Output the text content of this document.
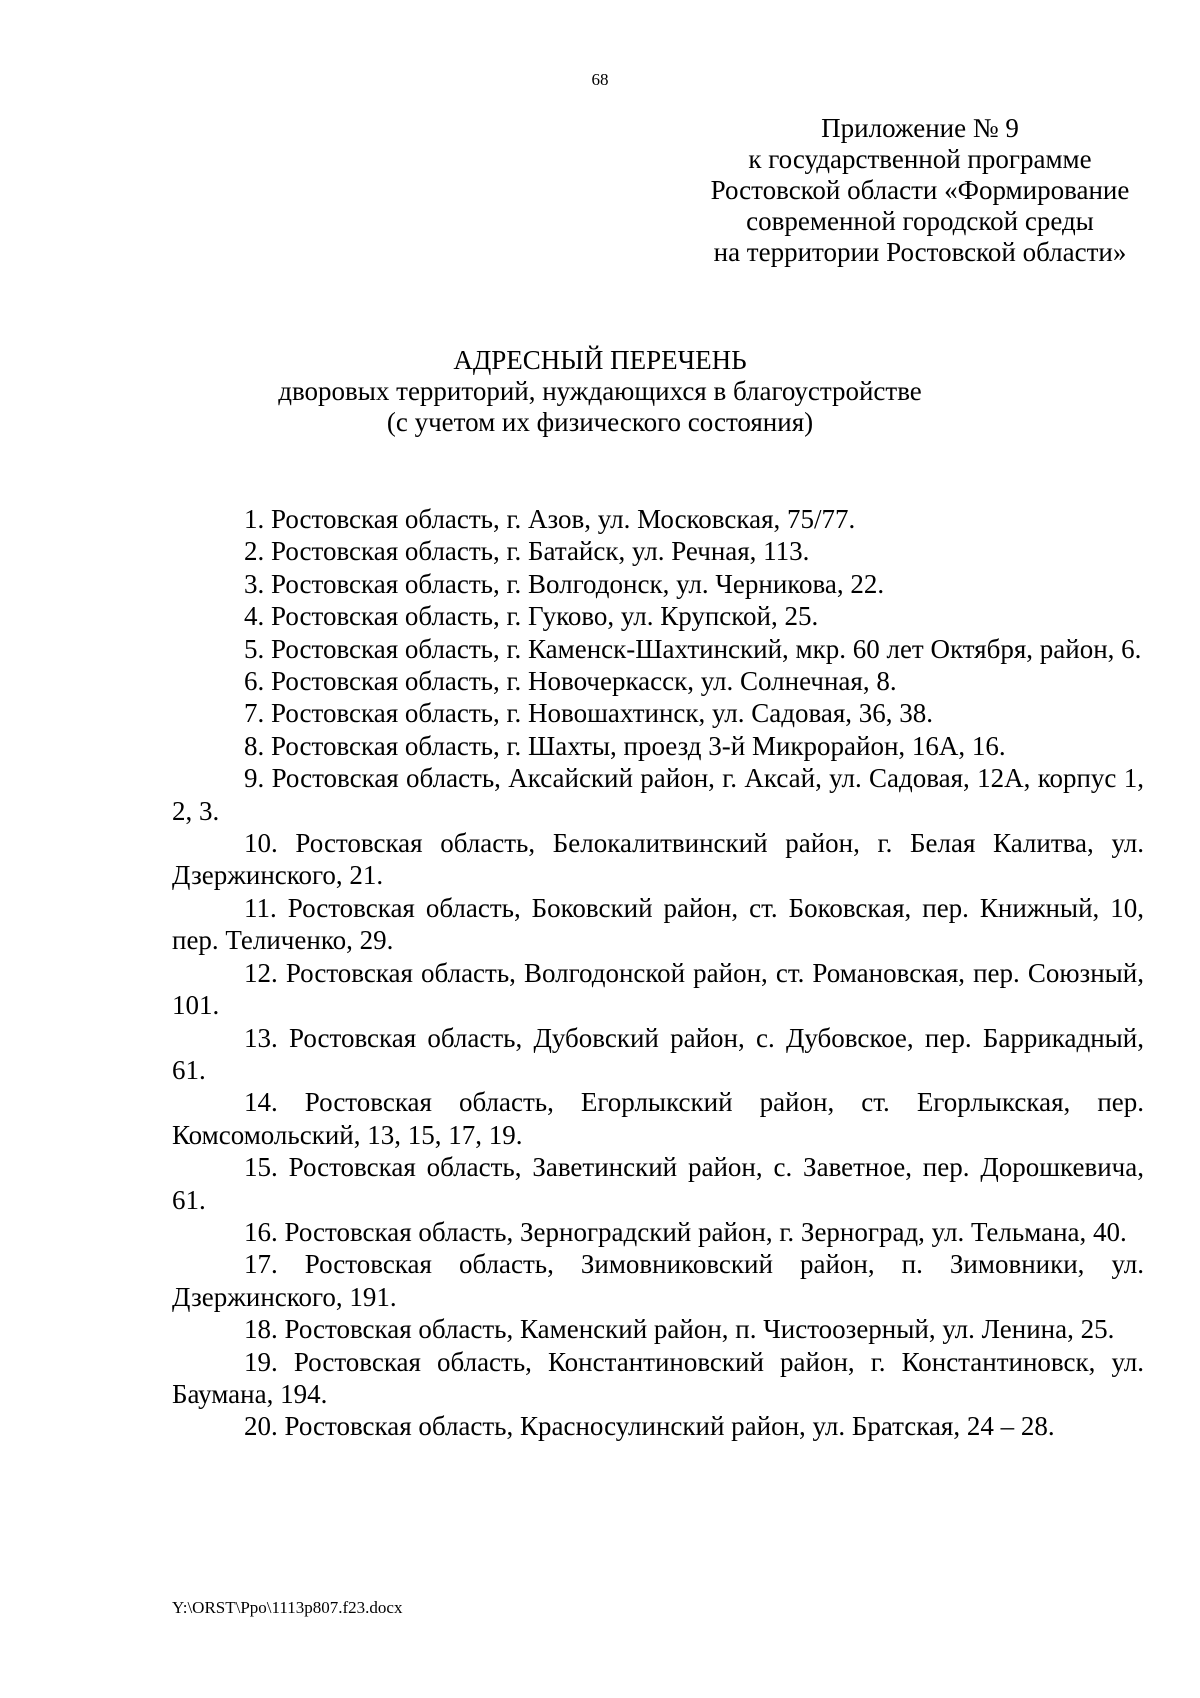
68
Приложение № 9
к государственной программе
Ростовской области «Формирование
современной городской среды
на территории Ростовской области»
АДРЕСНЫЙ ПЕРЕЧЕНЬ
дворовых территорий, нуждающихся в благоустройстве
(с учетом их физического состояния)

1. Ростовская область, г. Азов, ул. Московская, 75/77.

2. Ростовская область, г. Батайск, ул. Речная, 113.

3. Ростовская область, г. Волгодонск, ул. Черникова, 22.

4. Ростовская область, г. Гуково, ул. Крупской, 25.

5. Ростовская область, г. Каменск-Шахтинский, мкр. 60 лет Октября, район, 6.

6. Ростовская область, г. Новочеркасск, ул. Солнечная, 8.

7. Ростовская область, г. Новошахтинск, ул. Садовая, 36, 38.

8. Ростовская область, г. Шахты, проезд 3-й Микрорайон, 16А, 16.

9. Ростовская область, Аксайский район, г. Аксай, ул. Садовая, 12А, корпус 1, 2, 3.

10. Ростовская область, Белокалитвинский район, г. Белая Калитва, ул. Дзержинского, 21.

11. Ростовская область, Боковский район, ст. Боковская, пер. Книжный, 10, пер. Теличенко, 29.

12. Ростовская область, Волгодонской район, ст. Романовская, пер. Союзный, 101.

13. Ростовская область, Дубовский район, с. Дубовское, пер. Баррикадный, 61.

14. Ростовская область, Егорлыкский район, ст. Егорлыкская, пер. Комсомольский, 13, 15, 17, 19.

15. Ростовская область, Заветинский район, с. Заветное, пер. Дорошкевича, 61.

16. Ростовская область, Зерноградский район, г. Зерноград, ул. Тельмана, 40.

17. Ростовская область, Зимовниковский район, п. Зимовники, ул. Дзержинского, 191.

18. Ростовская область, Каменский район, п. Чистоозерный, ул. Ленина, 25.

19. Ростовская область, Константиновский район, г. Константиновск, ул. Баумана, 194.

20. Ростовская область, Красносулинский район, ул. Братская, 24 – 28.

Y:\ORST\Ppo\1113p807.f23.docx
